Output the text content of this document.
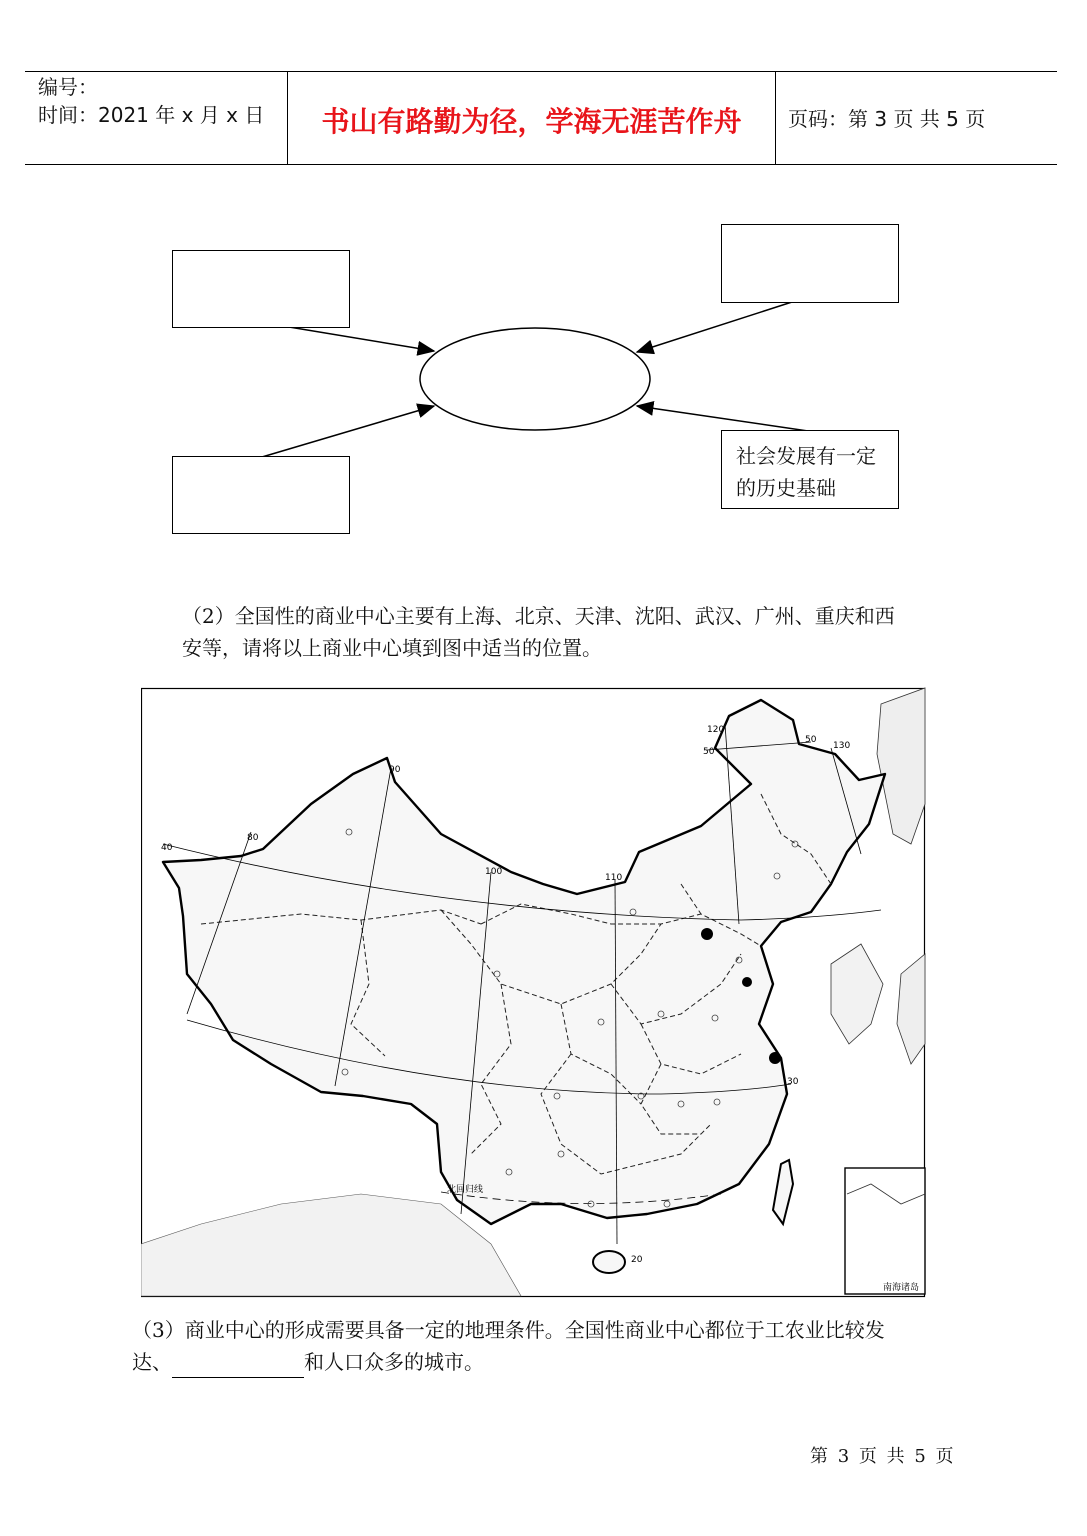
编号：
时间：2021 年 x 月 x 日	书山有路勤为径，学海无涯苦作舟	页码：第 3 页 共 5 页
社会发展有一定的历史基础
（2）全国性的商业中心主要有上海、北京、天津、沈阳、武汉、广州、重庆和西
安等，请将以上商业中心填到图中适当的位置。
80
90
100
110
120
130
40
50
50
30
20
北回归线
南海诸岛
（3）商业中心的形成需要具备一定的地理条件。全国性商业中心都位于工农业比较发
达、	和人口众多的城市。
第 3 页 共 5 页
